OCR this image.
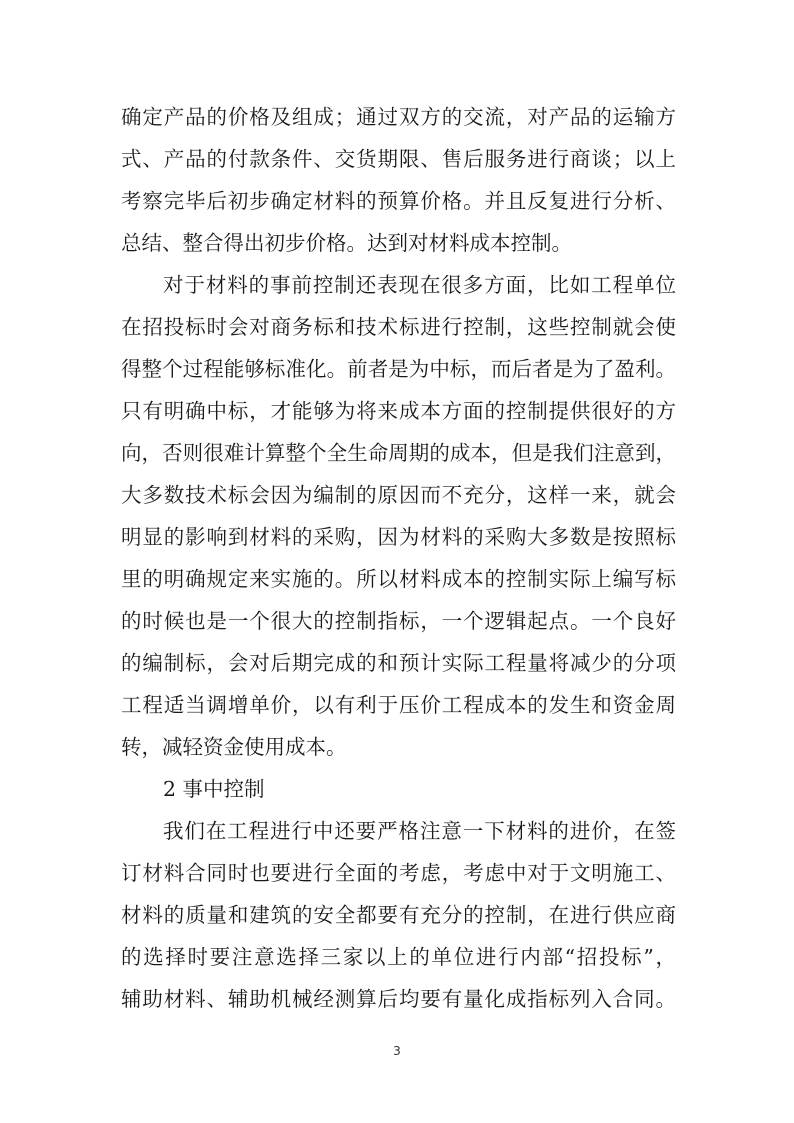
确定产品的价格及组成；通过双方的交流，对产品的运输方
式、产品的付款条件、交货期限、售后服务进行商谈；以上
考察完毕后初步确定材料的预算价格。并且反复进行分析、
总结、整合得出初步价格。达到对材料成本控制。
对于材料的事前控制还表现在很多方面，比如工程单位
在招投标时会对商务标和技术标进行控制，这些控制就会使
得整个过程能够标准化。前者是为中标，而后者是为了盈利。
只有明确中标，才能够为将来成本方面的控制提供很好的方
向，否则很难计算整个全生命周期的成本，但是我们注意到，
大多数技术标会因为编制的原因而不充分，这样一来，就会
明显的影响到材料的采购，因为材料的采购大多数是按照标
里的明确规定来实施的。所以材料成本的控制实际上编写标
的时候也是一个很大的控制指标，一个逻辑起点。一个良好
的编制标，会对后期完成的和预计实际工程量将减少的分项
工程适当调增单价，以有利于压价工程成本的发生和资金周
转，减轻资金使用成本。
2 事中控制
我们在工程进行中还要严格注意一下材料的进价，在签
订材料合同时也要进行全面的考虑，考虑中对于文明施工、
材料的质量和建筑的安全都要有充分的控制，在进行供应商
的选择时要注意选择三家以上的单位进行内部“招投标”，
辅助材料、辅助机械经测算后均要有量化成指标列入合同。
3
